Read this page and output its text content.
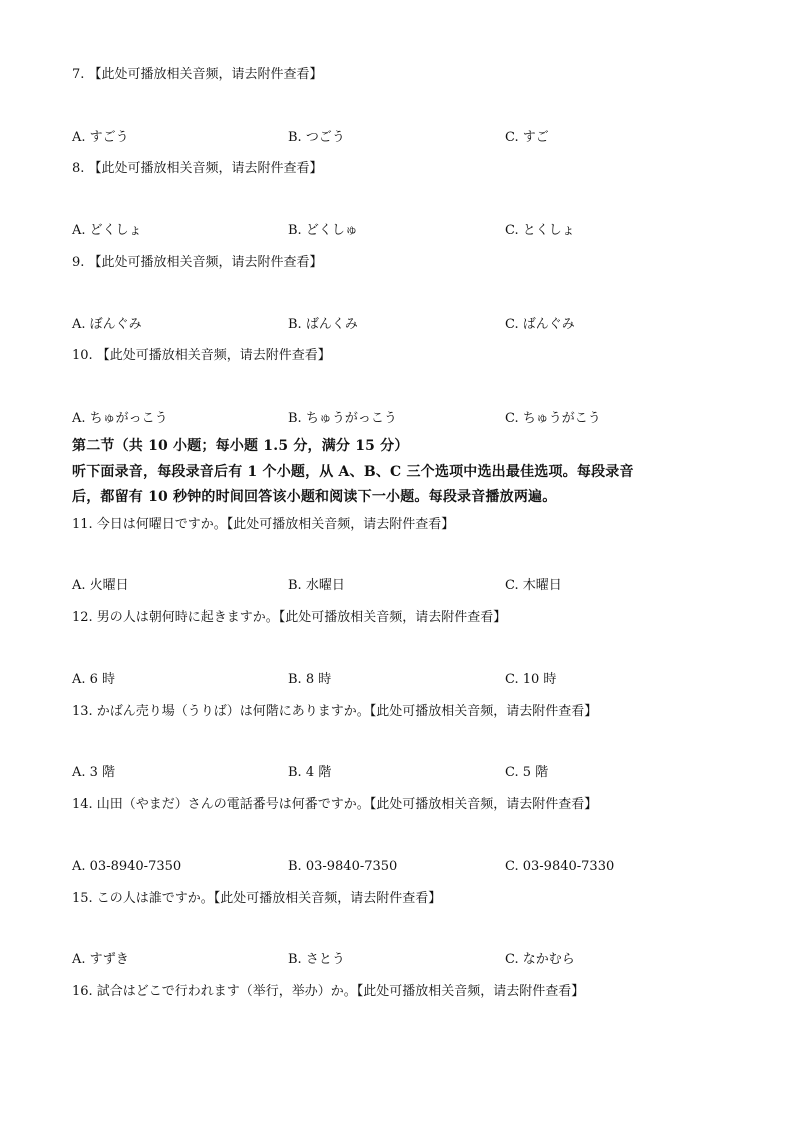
7. 【此处可播放相关音频，请去附件查看】
A. すごう	B. つごう	C. すご
8. 【此处可播放相关音频，请去附件查看】
A. どくしょ	B. どくしゅ	C. とくしょ
9. 【此处可播放相关音频，请去附件查看】
A. ぼんぐみ	B. ばんくみ	C. ばんぐみ
10. 【此处可播放相关音频，请去附件查看】
A. ちゅがっこう	B. ちゅうがっこう	C. ちゅうがこう
第二节（共 10 小题；每小题 1.5 分，满分 15 分）
听下面录音，每段录音后有 1 个小题，从 A、B、C 三个选项中选出最佳选项。每段录音
后，都留有 10 秒钟的时间回答该小题和阅读下一小题。每段录音播放两遍。
11. 今日は何曜日ですか。【此处可播放相关音频，请去附件查看】
A. 火曜日	B. 水曜日	C. 木曜日
12. 男の人は朝何時に起きますか。【此处可播放相关音频，请去附件查看】
A. 6 時	B. 8 時	C. 10 時
13. かばん売り場（うりば）は何階にありますか。【此处可播放相关音频，请去附件查看】
A. 3 階	B. 4 階	C. 5 階
14. 山田（やまだ）さんの電話番号は何番ですか。【此处可播放相关音频，请去附件查看】
A. 03-8940-7350	B. 03-9840-7350	C. 03-9840-7330
15. この人は誰ですか。【此处可播放相关音频，请去附件查看】
A. すずき	B. さとう	C. なかむら
16. 試合はどこで行われます（举行，举办）か。【此处可播放相关音频，请去附件查看】
